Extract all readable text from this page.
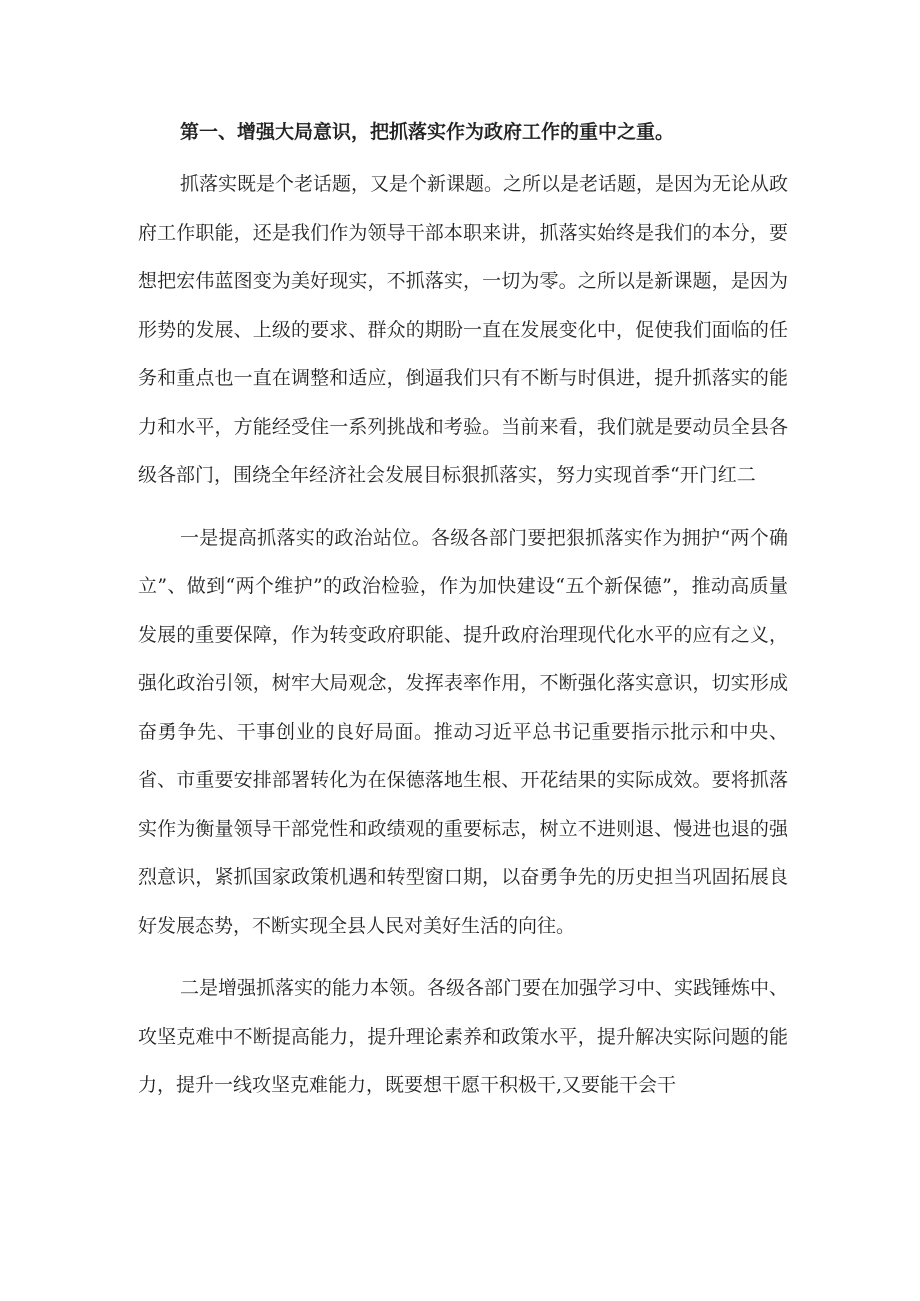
第一、增强大局意识，把抓落实作为政府工作的重中之重。

抓落实既是个老话题，又是个新课题。之所以是老话题，是因为无论从政府工作职能，还是我们作为领导干部本职来讲，抓落实始终是我们的本分，要想把宏伟蓝图变为美好现实，不抓落实，一切为零。之所以是新课题，是因为形势的发展、上级的要求、群众的期盼一直在发展变化中，促使我们面临的任务和重点也一直在调整和适应，倒逼我们只有不断与时俱进，提升抓落实的能力和水平，方能经受住一系列挑战和考验。当前来看，我们就是要动员全县各级各部门，围绕全年经济社会发展目标狠抓落实，努力实现首季“开门红二

一是提高抓落实的政治站位。各级各部门要把狠抓落实作为拥护“两个确立”、做到“两个维护”的政治检验，作为加快建设“五个新保德”，推动高质量发展的重要保障，作为转变政府职能、提升政府治理现代化水平的应有之义，强化政治引领，树牢大局观念，发挥表率作用，不断强化落实意识，切实形成奋勇争先、干事创业的良好局面。推动习近平总书记重要指示批示和中央、省、市重要安排部署转化为在保德落地生根、开花结果的实际成效。要将抓落实作为衡量领导干部党性和政绩观的重要标志，树立不进则退、慢进也退的强烈意识，紧抓国家政策机遇和转型窗口期，以奋勇争先的历史担当巩固拓展良好发展态势，不断实现全县人民对美好生活的向往。

二是增强抓落实的能力本领。各级各部门要在加强学习中、实践锤炼中、攻坚克难中不断提高能力，提升理论素养和政策水平，提升解决实际问题的能力，提升一线攻坚克难能力，既要想干愿干积极干,又要能干会干
